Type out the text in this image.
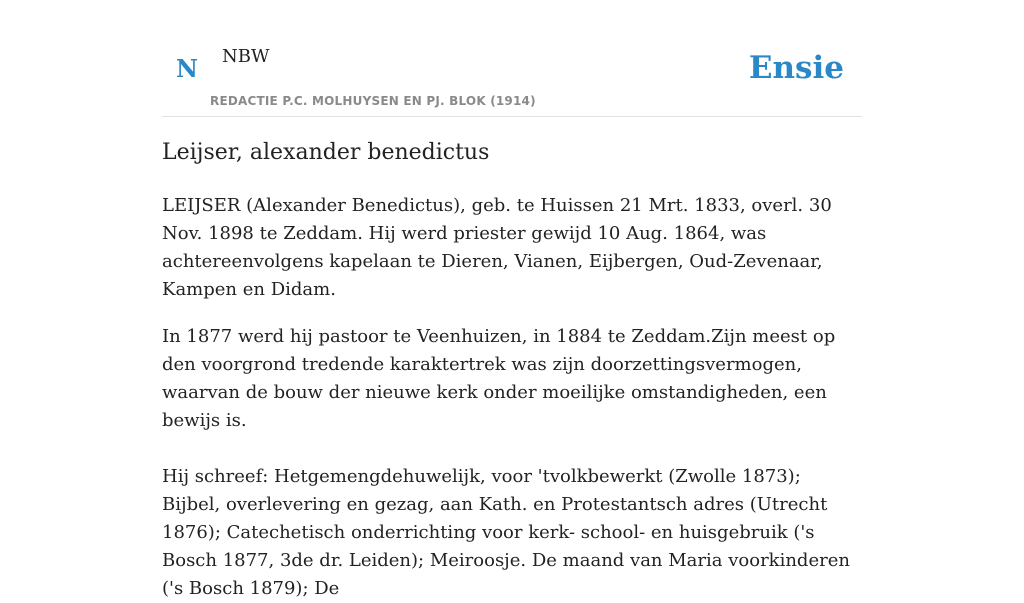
N NBW
REDACTIE P.C. MOLHUYSEN EN PJ. BLOK (1914)
Ensie
Leijser, alexander benedictus

LEIJSER (Alexander Benedictus), geb. te Huissen 21 Mrt. 1833, overl. 30 Nov. 1898 te Zeddam. Hij werd priester gewijd 10 Aug. 1864, was achtereenvolgens kapelaan te Dieren, Vianen, Eijbergen, Oud-Zevenaar, Kampen en Didam.

In 1877 werd hij pastoor te Veenhuizen, in 1884 te Zeddam.Zijn meest op den voorgrond tredende karaktertrek was zijn doorzettingsvermogen, waarvan de bouw der nieuwe kerk onder moeilijke omstandigheden, een bewijs is.

Hij schreef: Hetgemengdehuwelijk, voor 'tvolkbewerkt (Zwolle 1873); Bijbel, overlevering en gezag, aan Kath. en Protestantsch adres (Utrecht 1876); Catechetisch onderrichting voor kerk- school- en huisgebruik ('s Bosch 1877, 3de dr. Leiden); Meiroosje. De maand van Maria voorkinderen ('s Bosch 1879); De
